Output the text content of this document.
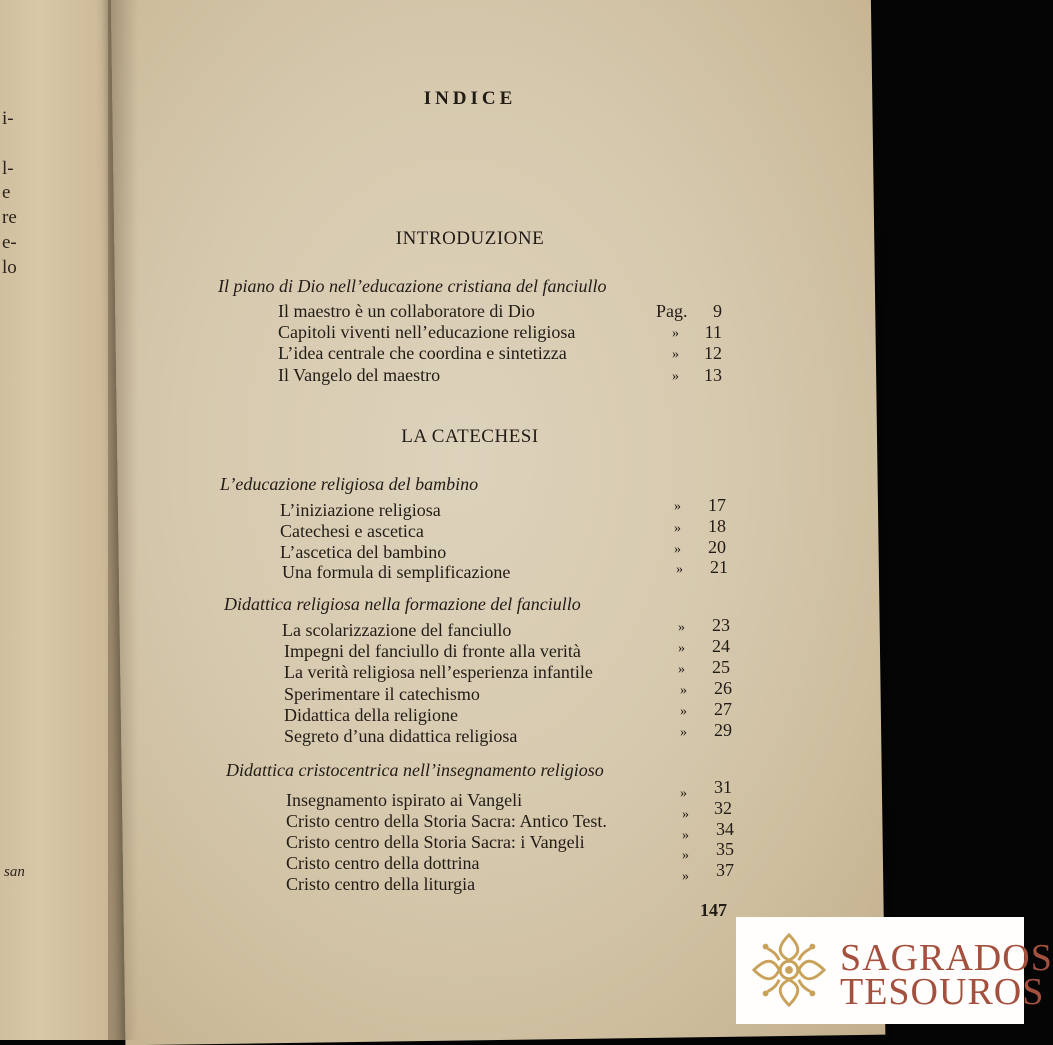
i-
l-
e
re
e-
lo
san
INDICE
INTRODUZIONE
Il piano di Dio nell’educazione cristiana del fanciullo
Il maestro è un collaboratore di Dio	Pag.	9
Capitoli viventi nell’educazione religiosa	»	11
L’idea centrale che coordina e sintetizza	»	12
Il Vangelo del maestro	»	13
LA CATECHESI
L’educazione religiosa del bambino
L’iniziazione religiosa	»	17
Catechesi e ascetica	»	18
L’ascetica del bambino	»	20
Una formula di semplificazione	»	21
Didattica religiosa nella formazione del fanciullo
La scolarizzazione del fanciullo	»	23
Impegni del fanciullo di fronte alla verità	»	24
La verità religiosa nell’esperienza infantile	»	25
Sperimentare il catechismo	»	26
Didattica della religione	»	27
Segreto d’una didattica religiosa	»	29
Didattica cristocentrica nell’insegnamento religioso
Insegnamento ispirato ai Vangeli	»	31
Cristo centro della Storia Sacra: Antico Test.	»	32
Cristo centro della Storia Sacra: i Vangeli	»	34
Cristo centro della dottrina	»	35
Cristo centro della liturgia	»	37
147
SAGRADOS
TESOUROS
